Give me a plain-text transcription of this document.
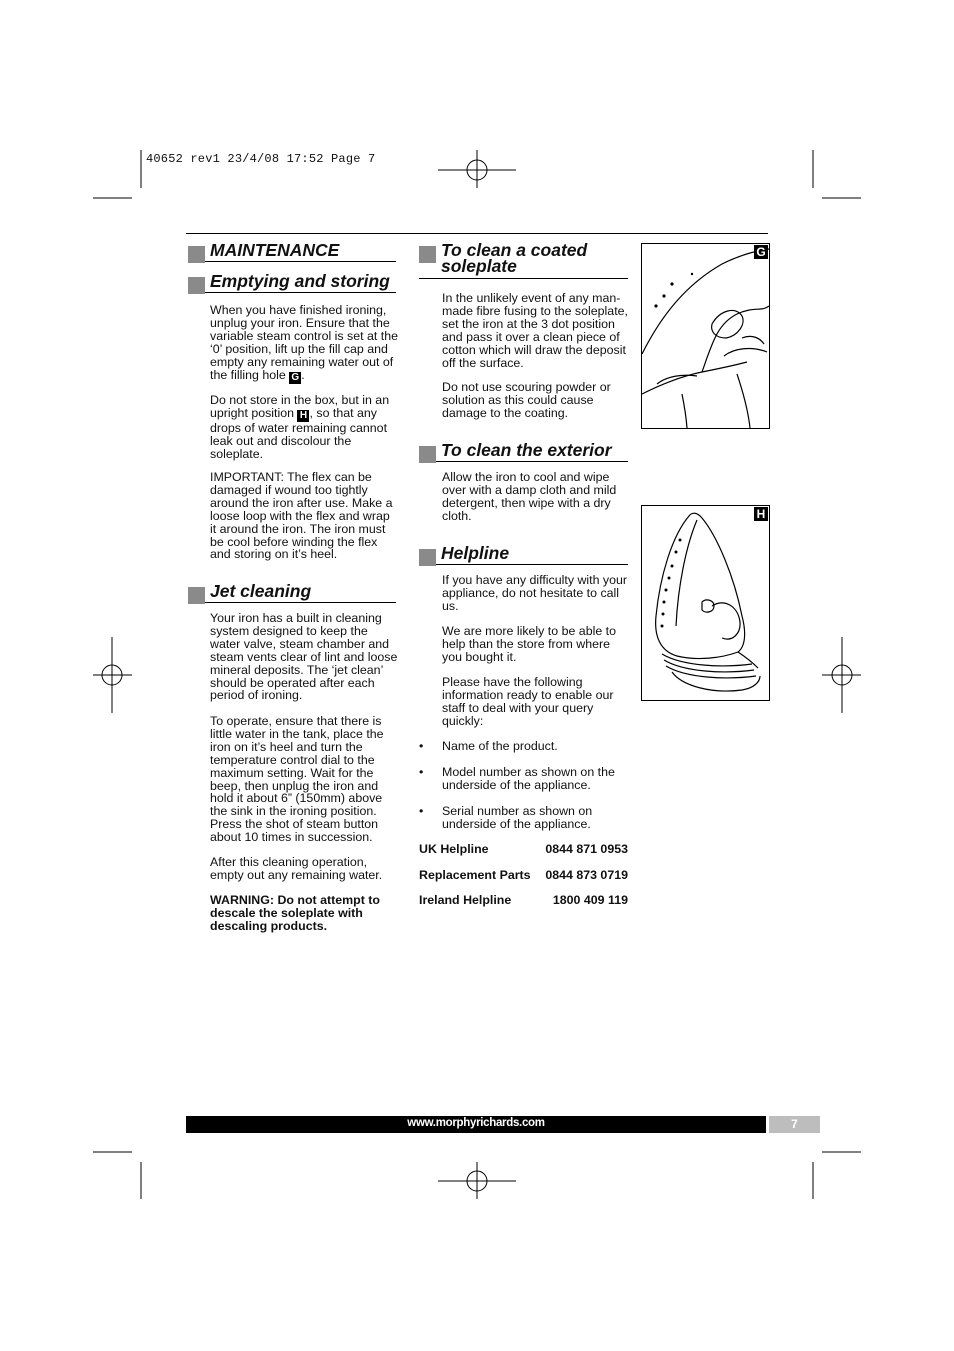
40652 rev1 23/4/08 17:52 Page 7
MAINTENANCE
Emptying and storing
When you have finished ironing, unplug your iron. Ensure that the variable steam control is set at the ‘0’ position, lift up the fill cap and empty any remaining water out of the filling hole G .
Do not store in the box, but in an upright position H , so that any drops of water remaining cannot leak out and discolour the soleplate.
IMPORTANT: The flex can be damaged if wound too tightly around the iron after use. Make a loose loop with the flex and wrap it around the iron. The iron must be cool before winding the flex and storing on it’s heel.
Jet cleaning
Your iron has a built in cleaning system designed to keep the water valve, steam chamber and steam vents clear of lint and loose mineral deposits. The ‘jet clean’ should be operated after each period of ironing.
To operate, ensure that there is little water in the tank, place the iron on it’s heel and turn the temperature control dial to the maximum setting. Wait for the beep, then unplug the iron and hold it about 6” (150mm) above the sink in the ironing position. Press the shot of steam button about 10 times in succession.
After this cleaning operation, empty out any remaining water.
WARNING: Do not attempt to descale the soleplate with descaling products.
To clean a coated soleplate
In the unlikely event of any man-made fibre fusing to the soleplate, set the iron at the 3 dot position and pass it over a clean piece of cotton which will draw the deposit off the surface.
Do not use scouring powder or solution as this could cause damage to the coating.
To clean the exterior
Allow the iron to cool and wipe over with a damp cloth and mild detergent, then wipe with a dry cloth.
Helpline
If you have any difficulty with your appliance, do not hesitate to call us.
We are more likely to be able to help than the store from where you bought it.
Please have the following information ready to enable our staff to deal with your query quickly:
• Name of the product.
• Model number as shown on the underside of the appliance.
• Serial number as shown on underside of the appliance.
UK Helpline	0844 871 0953
Replacement Parts 0844 873 0719
Ireland Helpline	1800 409 119
G
H
www.morphyrichards.com	7
